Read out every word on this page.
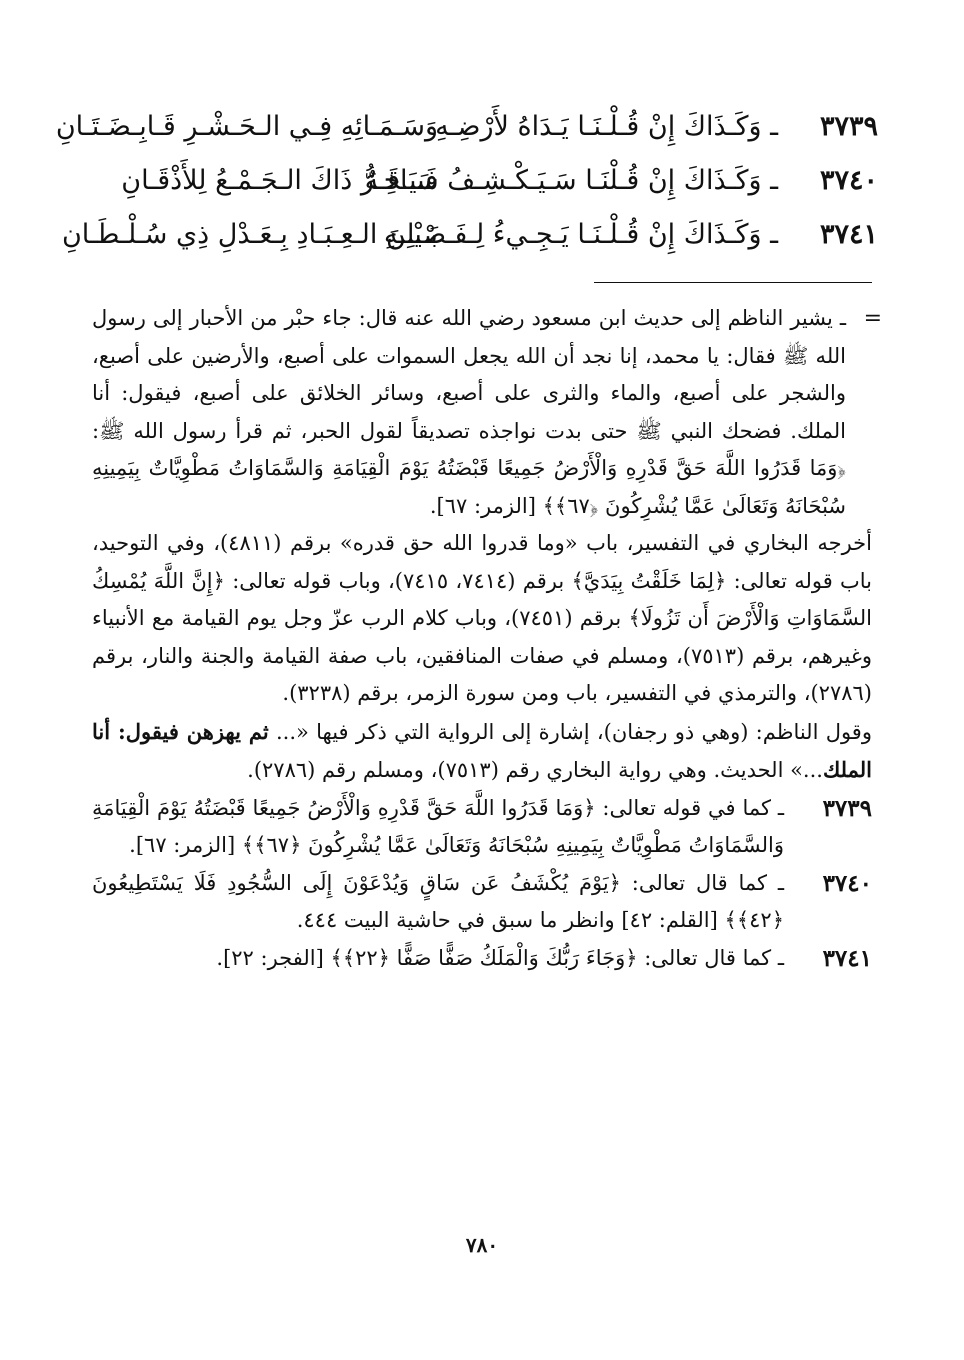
٣٧٣٩
ـ وَكَـذَاكَ إِنْ قُـلْـنَـا يَـدَاهُ لأَرْضِـهِ
وَسَـمَـائِهِ فِـي الـحَـشْـرِ قَـابِـضَـتَـانِ
٣٧٤٠
ـ وَكَـذَاكَ إِنْ قُـلْنَـا سَـيَـكْـشِـفُ سَـاقَـهُ
فَـيَـخِـرُّ ذَاكَ الـجَـمْـعُ لِلأَذْقَـانِ
٣٧٤١
ـ وَكَـذَاكَ إِنْ قُـلْـنَـا يَـجِـيءُ لِـفَـصْـلِـهِ
بَـيْـنَ الـعِـبَـادِ بِـعَـدْلِ ذِي سُـلْـطَـانِ
=

ـ يشير الناظم إلى حديث ابن مسعود رضي الله عنه قال: جاء حبْر من الأحبار إلى رسول الله ﷺ فقال: يا محمد، إنا نجد أن الله يجعل السموات على أصبع، والأرضين على أصبع، والشجر على أصبع، والماء والثرى على أصبع، وسائر الخلائق على أصبع، فيقول: أنا الملك. فضحك النبي ﷺ حتى بدت نواجذه تصديقاً لقول الحبر، ثم قرأ رسول الله ﷺ: ﴿وَمَا قَدَرُوا اللَّهَ حَقَّ قَدْرِهِ وَالْأَرْضُ جَمِيعًا قَبْضَتُهُ يَوْمَ الْقِيَامَةِ وَالسَّمَاوَاتُ مَطْوِيَّاتٌ بِيَمِينِهِ سُبْحَانَهُ وَتَعَالَىٰ عَمَّا يُشْرِكُونَ ﴿٦٧﴾﴾ [الزمر: ٦٧].

أخرجه البخاري في التفسير، باب «وما قدروا الله حق قدره» برقم (٤٨١١)، وفي التوحيد، باب قوله تعالى: ﴿لِمَا خَلَقْتُ بِيَدَيَّ﴾ برقم (٧٤١٤، ٧٤١٥)، وباب قوله تعالى: ﴿إِنَّ اللَّهَ يُمْسِكُ السَّمَاوَاتِ وَالْأَرْضَ أَن تَزُولَا﴾ برقم (٧٤٥١)، وباب كلام الرب عزّ وجل يوم القيامة مع الأنبياء وغيرهم، برقم (٧٥١٣)، ومسلم في صفات المنافقين، باب صفة القيامة والجنة والنار، برقم (٢٧٨٦)، والترمذي في التفسير، باب ومن سورة الزمر، برقم (٣٢٣٨).

وقول الناظم: (وهي ذو رجفان)، إشارة إلى الرواية التي ذكر فيها «... ثم يهزهن فيقول: أنا الملك...» الحديث. وهي رواية البخاري رقم (٧٥١٣)، ومسلم رقم (٢٧٨٦).

٣٧٣٩
ـ كما في قوله تعالى: ﴿وَمَا قَدَرُوا اللَّهَ حَقَّ قَدْرِهِ وَالْأَرْضُ جَمِيعًا قَبْضَتُهُ يَوْمَ الْقِيَامَةِ وَالسَّمَاوَاتُ مَطْوِيَّاتٌ بِيَمِينِهِ سُبْحَانَهُ وَتَعَالَىٰ عَمَّا يُشْرِكُونَ ﴿٦٧﴾﴾ [الزمر: ٦٧].

٣٧٤٠
ـ كما قال تعالى: ﴿يَوْمَ يُكْشَفُ عَن سَاقٍ وَيُدْعَوْنَ إِلَى السُّجُودِ فَلَا يَسْتَطِيعُونَ ﴿٤٢﴾﴾ [القلم: ٤٢] وانظر ما سبق في حاشية البيت ٤٤٤.

٣٧٤١
ـ كما قال تعالى: ﴿وَجَاءَ رَبُّكَ وَالْمَلَكُ صَفًّا صَفًّا ﴿٢٢﴾﴾ [الفجر: ٢٢].

٧٨٠
